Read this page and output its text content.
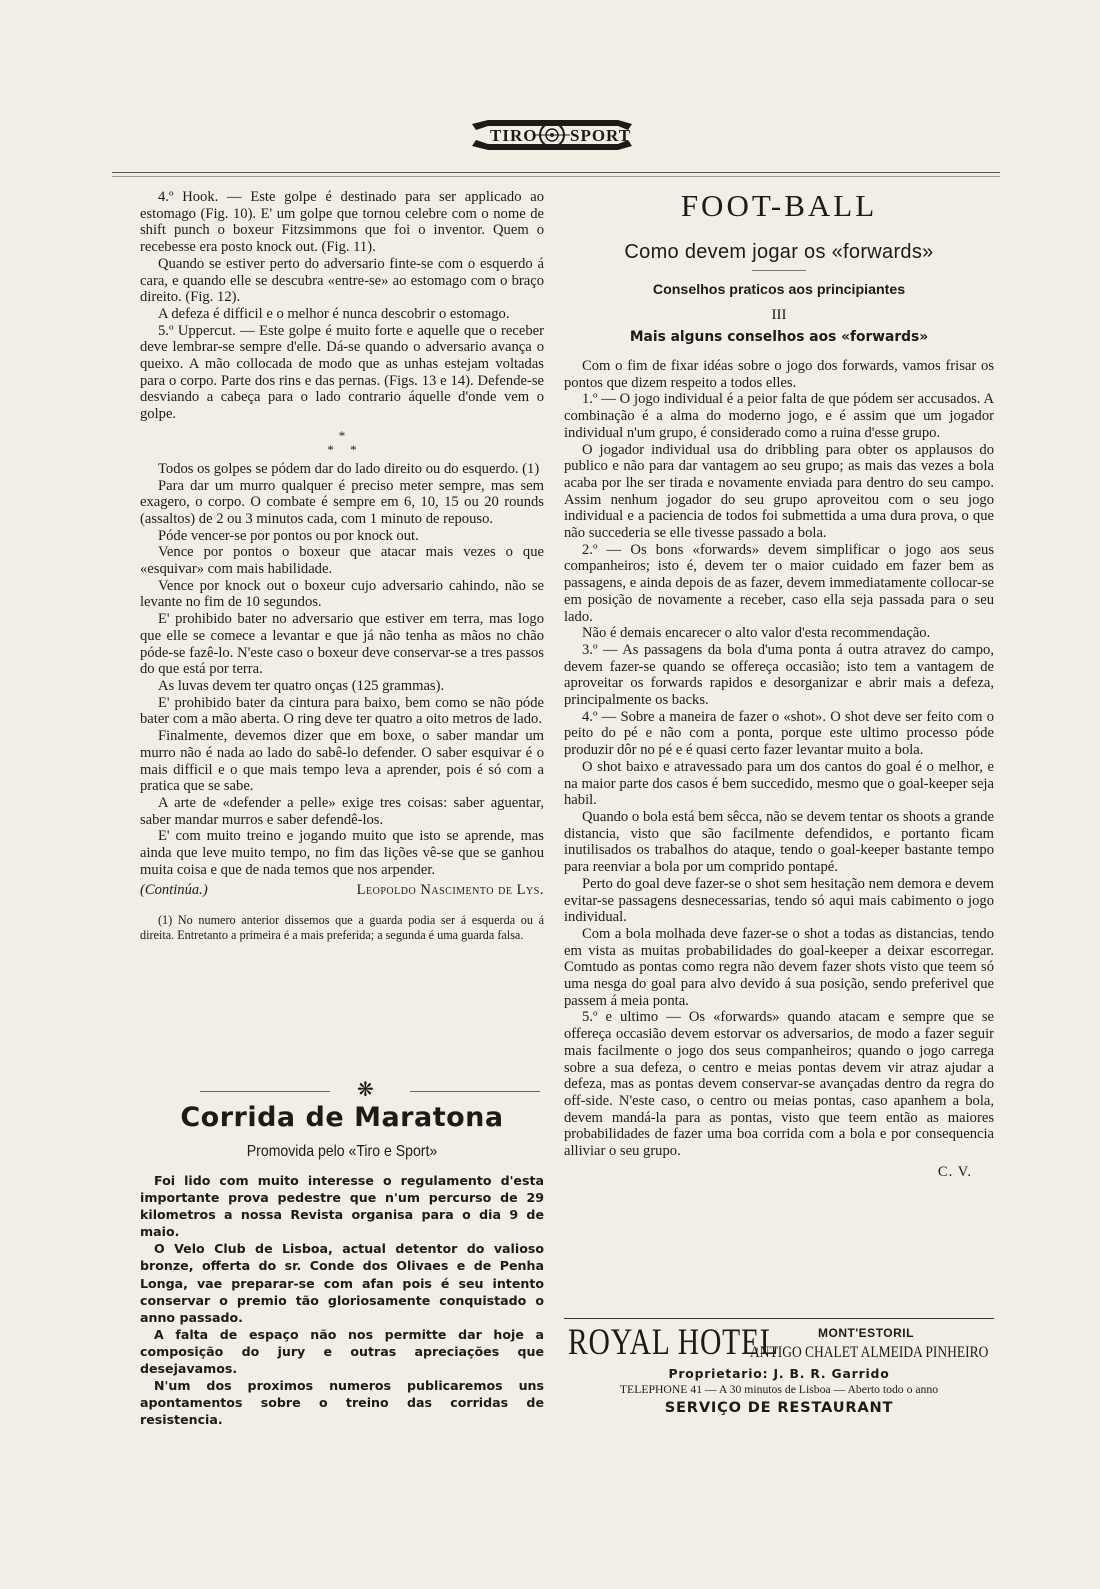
TIRO SPORT

4.º Hook. — Este golpe é destinado para ser applicado ao estomago (Fig. 10). E' um golpe que tornou celebre com o nome de shift punch o boxeur Fitzsimmons que foi o inventor. Quem o recebesse era posto knock out. (Fig. 11).

Quando se estiver perto do adversario finte-se com o esquerdo á cara, e quando elle se descubra «entre-se» ao estomago com o braço direito. (Fig. 12).

A defeza é difficil e o melhor é nunca descobrir o estomago.

5.º Uppercut. — Este golpe é muito forte e aquelle que o receber deve lembrar-se sempre d'elle. Dá-se quando o adversario avança o queixo. A mão collocada de modo que as unhas estejam voltadas para o corpo. Parte dos rins e das pernas. (Figs. 13 e 14). Defende-se desviando a cabeça para o lado contrario áquelle d'onde vem o golpe.

*
*     *

Todos os golpes se pódem dar do lado direito ou do esquerdo. (1)

Para dar um murro qualquer é preciso meter sempre, mas sem exagero, o corpo. O combate é sempre em 6, 10, 15 ou 20 rounds (assaltos) de 2 ou 3 minutos cada, com 1 minuto de repouso.

Póde vencer-se por pontos ou por knock out.

Vence por pontos o boxeur que atacar mais vezes o que «esquivar» com mais habilidade.

Vence por knock out o boxeur cujo adversario cahindo, não se levante no fim de 10 segundos.

E' prohibido bater no adversario que estiver em terra, mas logo que elle se comece a levantar e que já não tenha as mãos no chão póde-se fazê-lo. N'este caso o boxeur deve conservar-se a tres passos do que está por terra.

As luvas devem ter quatro onças (125 grammas).

E' prohibido bater da cintura para baixo, bem como se não póde bater com a mão aberta. O ring deve ter quatro a oito metros de lado.

Finalmente, devemos dizer que em boxe, o saber mandar um murro não é nada ao lado do sabê-lo defender. O saber esquivar é o mais difficil e o que mais tempo leva a aprender, pois é só com a pratica que se sabe.

A arte de «defender a pelle» exige tres coisas: saber aguentar, saber mandar murros e saber defendê-los.

E' com muito treino e jogando muito que isto se aprende, mas ainda que leve muito tempo, no fim das lições vê-se que se ganhou muita coisa e que de nada temos que nos arpender.

(Continúa.)	Leopoldo Nascimento de Lys.

(1) No numero anterior dissemos que a guarda podia ser á esquerda ou á direita. Entretanto a primeira é a mais preferida; a segunda é uma guarda falsa.

❋
Corrida de Maratona
Promovida pelo «Tiro e Sport»

Foi lido com muito interesse o regulamento d'esta importante prova pedestre que n'um percurso de 29 kilometros a nossa Revista organisa para o dia 9 de maio.

O Velo Club de Lisboa, actual detentor do valioso bronze, offerta do sr. Conde dos Olivaes e de Penha Longa, vae preparar-se com afan pois é seu intento conservar o premio tão gloriosamente conquistado o anno passado.

A falta de espaço não nos permitte dar hoje a composição do jury e outras apreciações que desejavamos.

N'um dos proximos numeros publicaremos uns apontamentos sobre o treino das corridas de resistencia.

FOOT-BALL
Como devem jogar os «forwards»
Conselhos praticos aos principiantes
III
Mais alguns conselhos aos «forwards»

Com o fim de fixar idéas sobre o jogo dos forwards, vamos frisar os pontos que dizem respeito a todos elles.

1.º — O jogo individual é a peior falta de que pódem ser accusados. A combinação é a alma do moderno jogo, e é assim que um jogador individual n'um grupo, é considerado como a ruina d'esse grupo.

O jogador individual usa do dribbling para obter os applausos do publico e não para dar vantagem ao seu grupo; as mais das vezes a bola acaba por lhe ser tirada e novamente enviada para dentro do seu campo. Assim nenhum jogador do seu grupo aproveitou com o seu jogo individual e a paciencia de todos foi submettida a uma dura prova, o que não succederia se elle tivesse passado a bola.

2.º — Os bons «forwards» devem simplificar o jogo aos seus companheiros; isto é, devem ter o maior cuidado em fazer bem as passagens, e ainda depois de as fazer, devem immediatamente collocar-se em posição de novamente a receber, caso ella seja passada para o seu lado.

Não é demais encarecer o alto valor d'esta recommendação.

3.º — As passagens da bola d'uma ponta á outra atravez do campo, devem fazer-se quando se offereça occasião; isto tem a vantagem de aproveitar os forwards rapidos e desorganizar e abrir mais a defeza, principalmente os backs.

4.º — Sobre a maneira de fazer o «shot». O shot deve ser feito com o peito do pé e não com a ponta, porque este ultimo processo póde produzir dôr no pé e é quasi certo fazer levantar muito a bola.

O shot baixo e atravessado para um dos cantos do goal é o melhor, e na maior parte dos casos é bem succedido, mesmo que o goal-keeper seja habil.

Quando o bola está bem sêcca, não se devem tentar os shoots a grande distancia, visto que são facilmente defendidos, e portanto ficam inutilisados os trabalhos do ataque, tendo o goal-keeper bastante tempo para reenviar a bola por um comprido pontapé.

Perto do goal deve fazer-se o shot sem hesitação nem demora e devem evitar-se passagens desnecessarias, tendo só aqui mais cabimento o jogo individual.

Com a bola molhada deve fazer-se o shot a todas as distancias, tendo em vista as muitas probabilidades do goal-keeper a deixar escorregar. Comtudo as pontas como regra não devem fazer shots visto que teem só uma nesga do goal para alvo devido á sua posição, sendo preferivel que passem á meia ponta.

5.º e ultimo — Os «forwards» quando atacam e sempre que se offereça occasião devem estorvar os adversarios, de modo a fazer seguir mais facilmente o jogo dos seus companheiros; quando o jogo carrega sobre a sua defeza, o centro e meias pontas devem vir atraz ajudar a defeza, mas as pontas devem conservar-se avançadas dentro da regra do off-side. N'este caso, o centro ou meias pontas, caso apanhem a bola, devem mandá-la para as pontas, visto que teem então as maiores probabilidades de fazer uma boa corrida com a bola e por consequencia alliviar o seu grupo.

C. V.
ROYAL HOTEL	MONT'ESTORIL
ANTIGO CHALET ALMEIDA PINHEIRO
Proprietario: J. B. R. Garrido
TELEPHONE 41 — A 30 minutos de Lisboa — Aberto todo o anno
SERVIÇO DE RESTAURANT
